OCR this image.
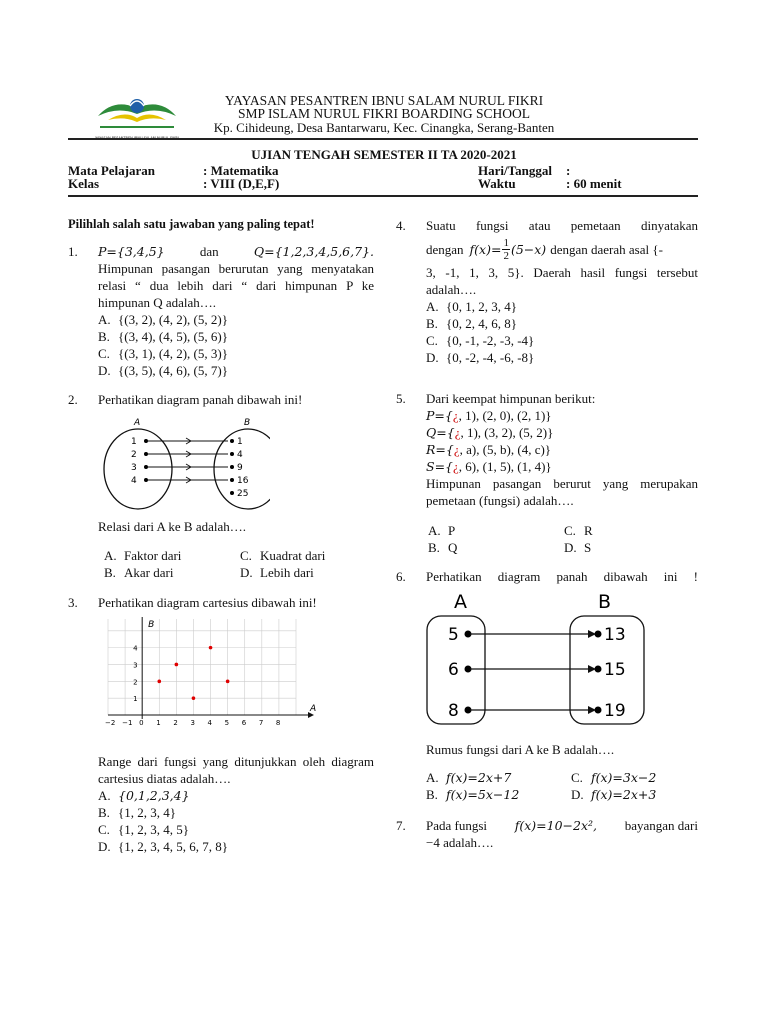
YAYASAN PESANTREN IBNU SALAM NURUL FIKRI
YAYASAN PESANTREN IBNU SALAM NURUL FIKRI
SMP ISLAM NURUL FIKRI BOARDING SCHOOL
Kp. Cihideung, Desa Bantarwaru, Kec. Cinangka, Serang-Banten
UJIAN TENGAH SEMESTER II TA 2020-2021
Mata Pelajaran	: Matematika	Hari/Tanggal :
Kelas	: VIII (D,E,F)	Waktu	: 60 menit
Pilihlah salah satu jawaban yang paling tepat!
1. P={3,4,5}	dan	Q={1,2,3,4,5,6,7}.
Himpunan pasangan berurutan yang menyatakan relasi “ dua lebih dari “ dari himpunan P ke himpunan Q adalah….
A. {(3, 2), (4, 2), (5, 2)}
B. {(3, 4), (4, 5), (5, 6)}
C. {(3, 1), (4, 2), (5, 3)}
D. {(3, 5), (4, 6), (5, 7)}
2. Perhatikan diagram panah dibawah ini!
A	B
1
2
3
4
1
4
9
16
25
Relasi dari A ke B adalah….
A. Faktor dari	C. Kuadrat dari
B. Akar dari	D. Lebih dari
3. Perhatikan diagram cartesius dibawah ini!
B
A
−2 −1 0 1 2 3 4 5 6 7 8
1
2
3
4
Range dari fungsi yang ditunjukkan oleh diagram cartesius diatas adalah….
A. {0,1,2,3,4}
B. {1, 2, 3, 4}
C. {1, 2, 3, 4, 5}
D. {1, 2, 3, 4, 5, 6, 7, 8}
4. Suatu fungsi atau pemetaan dinyatakan
dengan $f(x)= \frac{1}{2} (5-x)$ dengan daerah asal {-
3, -1, 1, 3, 5}. Daerah hasil fungsi tersebut adalah….
A. {0, 1, 2, 3, 4}
B. {0, 2, 4, 6, 8}
C. {0, -1, -2, -3, -4}
D. {0, -2, -4, -6, -8}
5. Dari keempat himpunan berikut:
P={¿, 1), (2, 0), (2, 1)}
Q={¿, 1), (3, 2), (5, 2)}
R={¿, a), (5, b), (4, c)}
S={¿, 6), (1, 5), (1, 4)}
Himpunan pasangan berurut yang merupakan pemetaan (fungsi) adalah….
A. P	C. R
B. Q	D. S
6. Perhatikan diagram panah dibawah ini !
A	B
5
6
8
13
15
19
Rumus fungsi dari A ke B adalah….
A. f(x)=2x+7	C. f(x)=3x−2
B. f(x)=5x−12	D. f(x)=2x+3
7. Pada fungsi f(x)=10−2x², bayangan dari
−4 adalah….
